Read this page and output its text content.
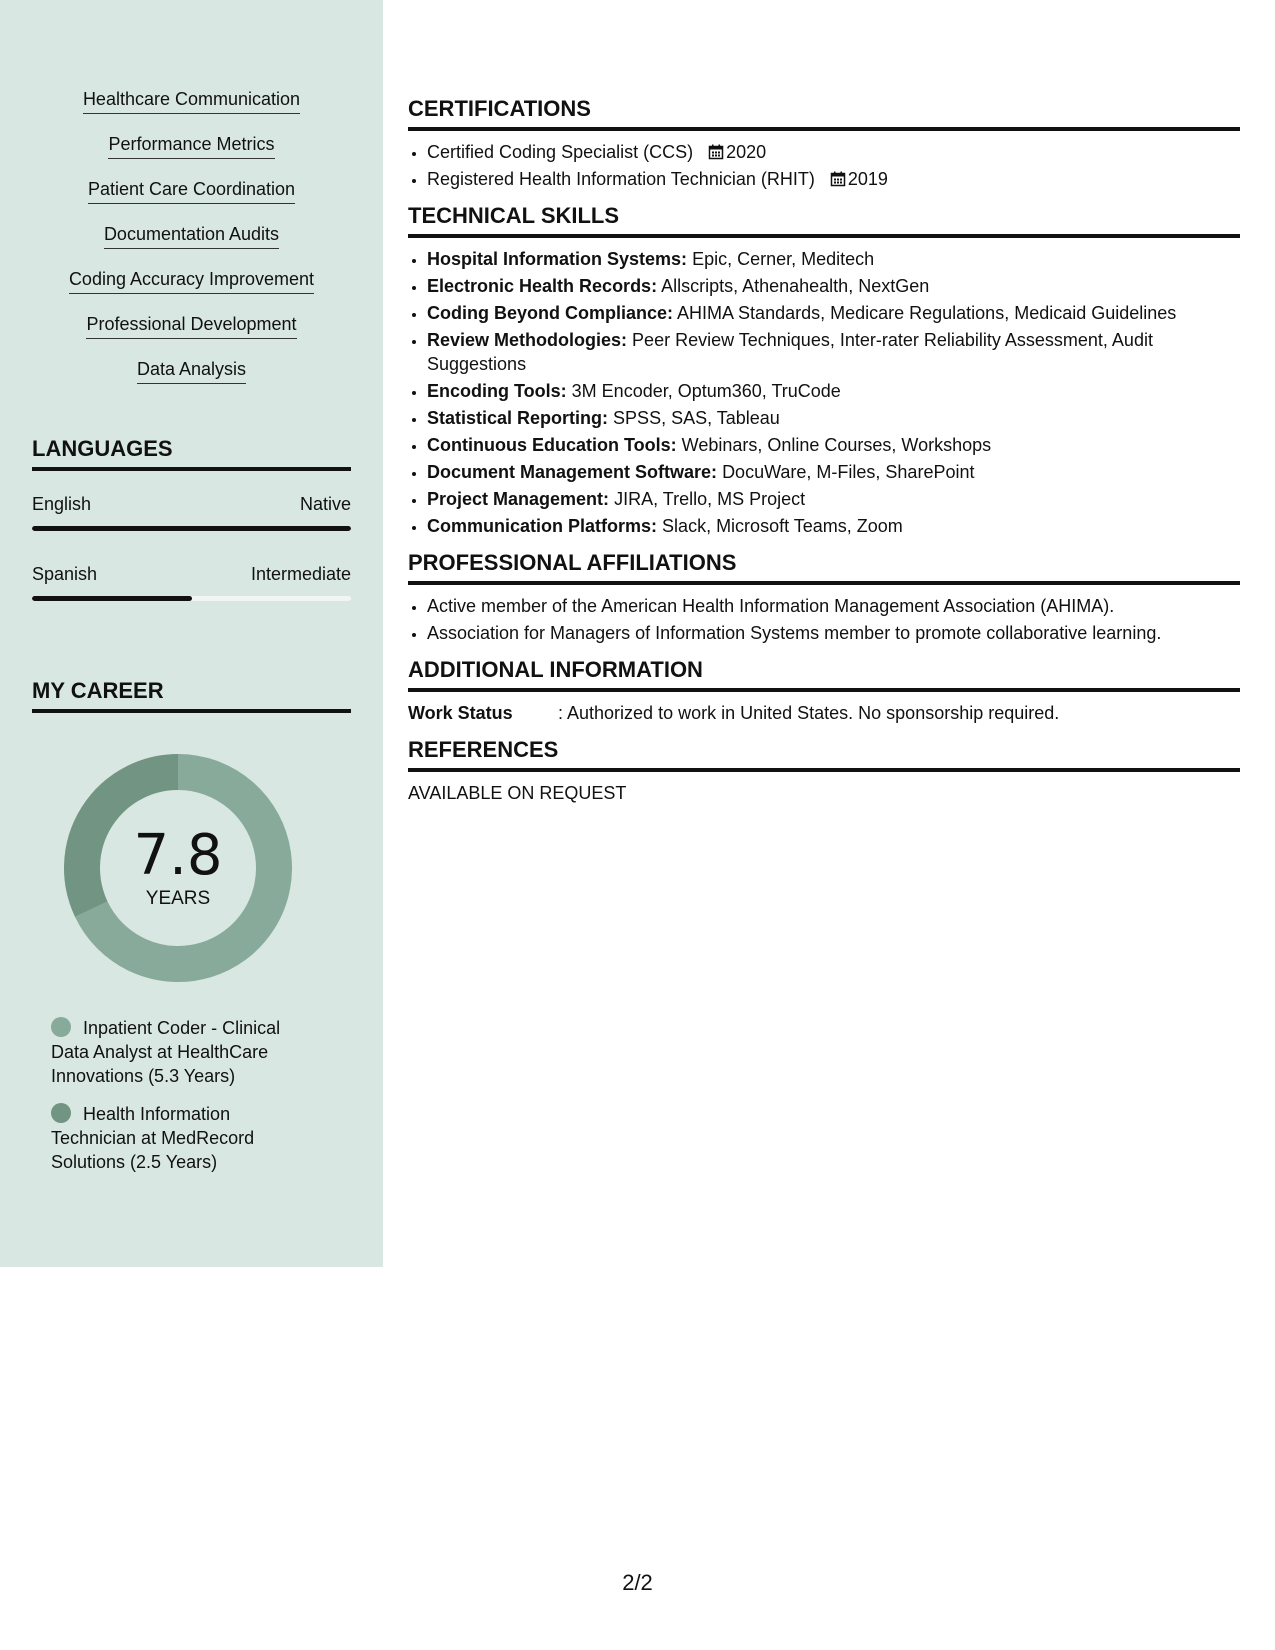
Healthcare Communication
Performance Metrics
Patient Care Coordination
Documentation Audits
Coding Accuracy Improvement
Professional Development
Data Analysis
LANGUAGES
English	Native
Spanish	Intermediate
MY CAREER
7.8
YEARS
Inpatient Coder - Clinical Data Analyst at HealthCare Innovations (5.3 Years)
Health Information Technician at MedRecord Solutions (2.5 Years)
CERTIFICATIONS
• Certified Coding Specialist (CCS) 2020
• Registered Health Information Technician (RHIT) 2019
TECHNICAL SKILLS
• Hospital Information Systems: Epic, Cerner, Meditech
• Electronic Health Records: Allscripts, Athenahealth, NextGen
• Coding Beyond Compliance: AHIMA Standards, Medicare Regulations, Medicaid Guidelines
• Review Methodologies: Peer Review Techniques, Inter-rater Reliability Assessment, Audit Suggestions
• Encoding Tools: 3M Encoder, Optum360, TruCode
• Statistical Reporting: SPSS, SAS, Tableau
• Continuous Education Tools: Webinars, Online Courses, Workshops
• Document Management Software: DocuWare, M-Files, SharePoint
• Project Management: JIRA, Trello, MS Project
• Communication Platforms: Slack, Microsoft Teams, Zoom
PROFESSIONAL AFFILIATIONS
• Active member of the American Health Information Management Association (AHIMA).
• Association for Managers of Information Systems member to promote collaborative learning.
ADDITIONAL INFORMATION
Work Status	: Authorized to work in United States. No sponsorship required.
REFERENCES
AVAILABLE ON REQUEST
2/2
